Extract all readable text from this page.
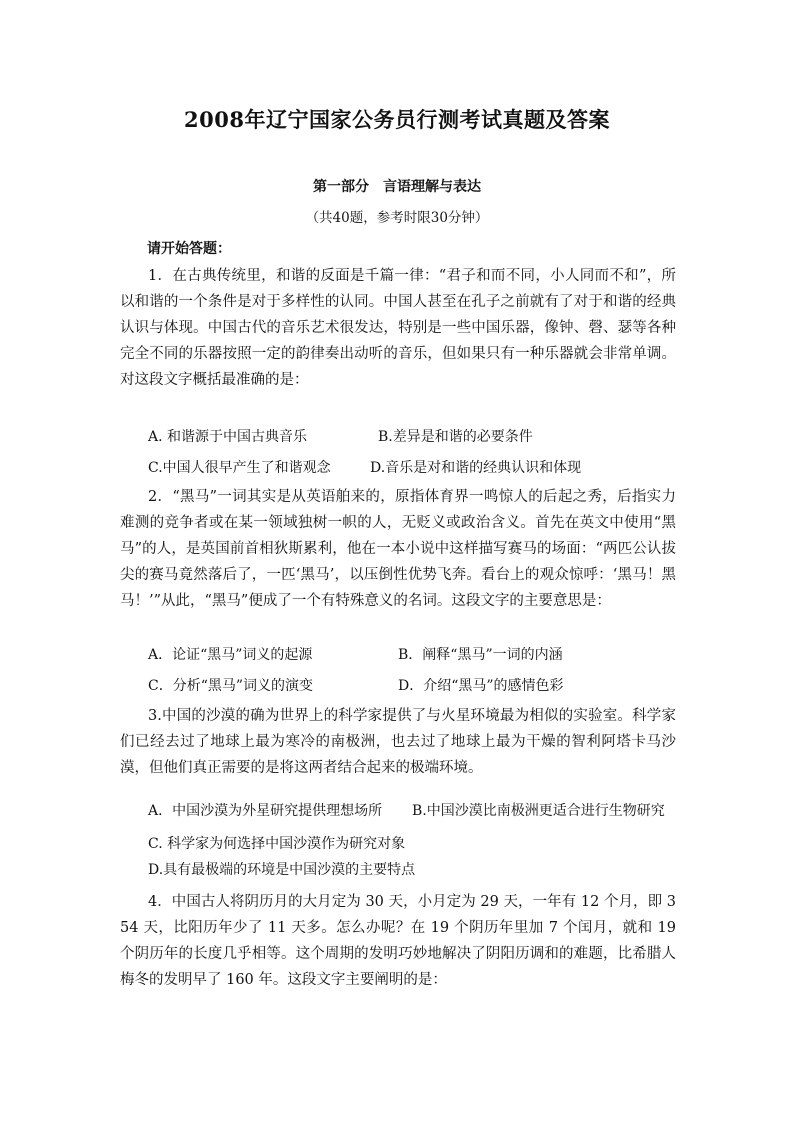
2008年辽宁国家公务员行测考试真题及答案
第一部分　言语理解与表达
（共40题，参考时限30分钟）
请开始答题：
1．在古典传统里，和谐的反面是千篇一律：“君子和而不同，小人同而不和”，所以和谐的一个条件是对于多样性的认同。中国人甚至在孔子之前就有了对于和谐的经典认识与体现。中国古代的音乐艺术很发达，特别是一些中国乐器，像钟、磬、瑟等各种完全不同的乐器按照一定的韵律奏出动听的音乐，但如果只有一种乐器就会非常单调。对这段文字概括最准确的是：
A. 和谐源于中国古典音乐	B.差异是和谐的必要条件
C.中国人很早产生了和谐观念	D.音乐是对和谐的经典认识和体现
2．“黑马”一词其实是从英语舶来的，原指体育界一鸣惊人的后起之秀，后指实力难测的竞争者或在某一领域独树一帜的人，无贬义或政治含义。首先在英文中使用“黑马”的人，是英国前首相狄斯累利，他在一本小说中这样描写赛马的场面：“两匹公认拔尖的赛马竟然落后了，一匹‘黑马’，以压倒性优势飞奔。看台上的观众惊呼：‘黑马！黑马！’”从此，“黑马”便成了一个有特殊意义的名词。这段文字的主要意思是：
A．论证“黑马”词义的起源	B．阐释“黑马”一词的内涵
C．分析“黑马”词义的演变	D．介绍“黑马”的感情色彩
3.中国的沙漠的确为世界上的科学家提供了与火星环境最为相似的实验室。科学家们已经去过了地球上最为寒冷的南极洲，也去过了地球上最为干燥的智利阿塔卡马沙漠，但他们真正需要的是将这两者结合起来的极端环境。
A．中国沙漠为外星研究提供理想场所 B.中国沙漠比南极洲更适合进行生物研究
C. 科学家为何选择中国沙漠作为研究对象 D.具有最极端的环境是中国沙漠的主要特点
4．中国古人将阴历月的大月定为 30 天，小月定为 29 天，一年有 12 个月，即 354 天，比阳历年少了 11 天多。怎么办呢？在 19 个阴历年里加 7 个闰月，就和 19 个阴历年的长度几乎相等。这个周期的发明巧妙地解决了阴阳历调和的难题，比希腊人梅冬的发明早了 160 年。这段文字主要阐明的是：
